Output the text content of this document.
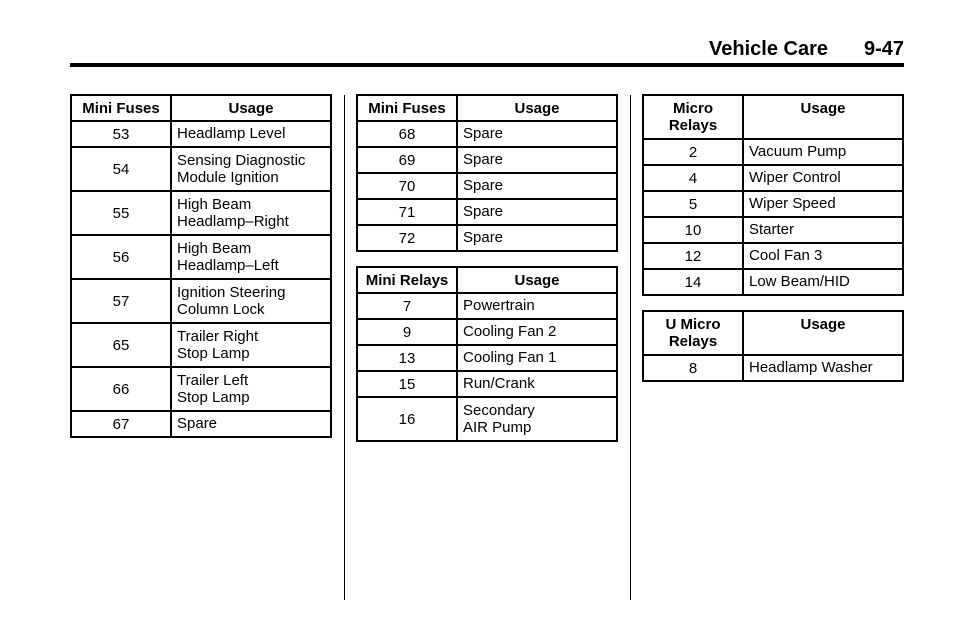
Vehicle Care 9-47
Mini Fuses	Usage
53	Headlamp Level
54	Sensing Diagnostic
Module Ignition
55	High Beam
Headlamp–Right
56	High Beam
Headlamp–Left
57	Ignition Steering
Column Lock
65	Trailer Right
Stop Lamp
66	Trailer Left
Stop Lamp
67	Spare
Mini Fuses	Usage
68	Spare
69	Spare
70	Spare
71	Spare
72	Spare
Mini Relays	Usage
7	Powertrain
9	Cooling Fan 2
13	Cooling Fan 1
15	Run/Crank
16	Secondary
AIR Pump
Micro
Relays	Usage
2	Vacuum Pump
4	Wiper Control
5	Wiper Speed
10	Starter
12	Cool Fan 3
14	Low Beam/HID
U Micro
Relays	Usage
8	Headlamp Washer
